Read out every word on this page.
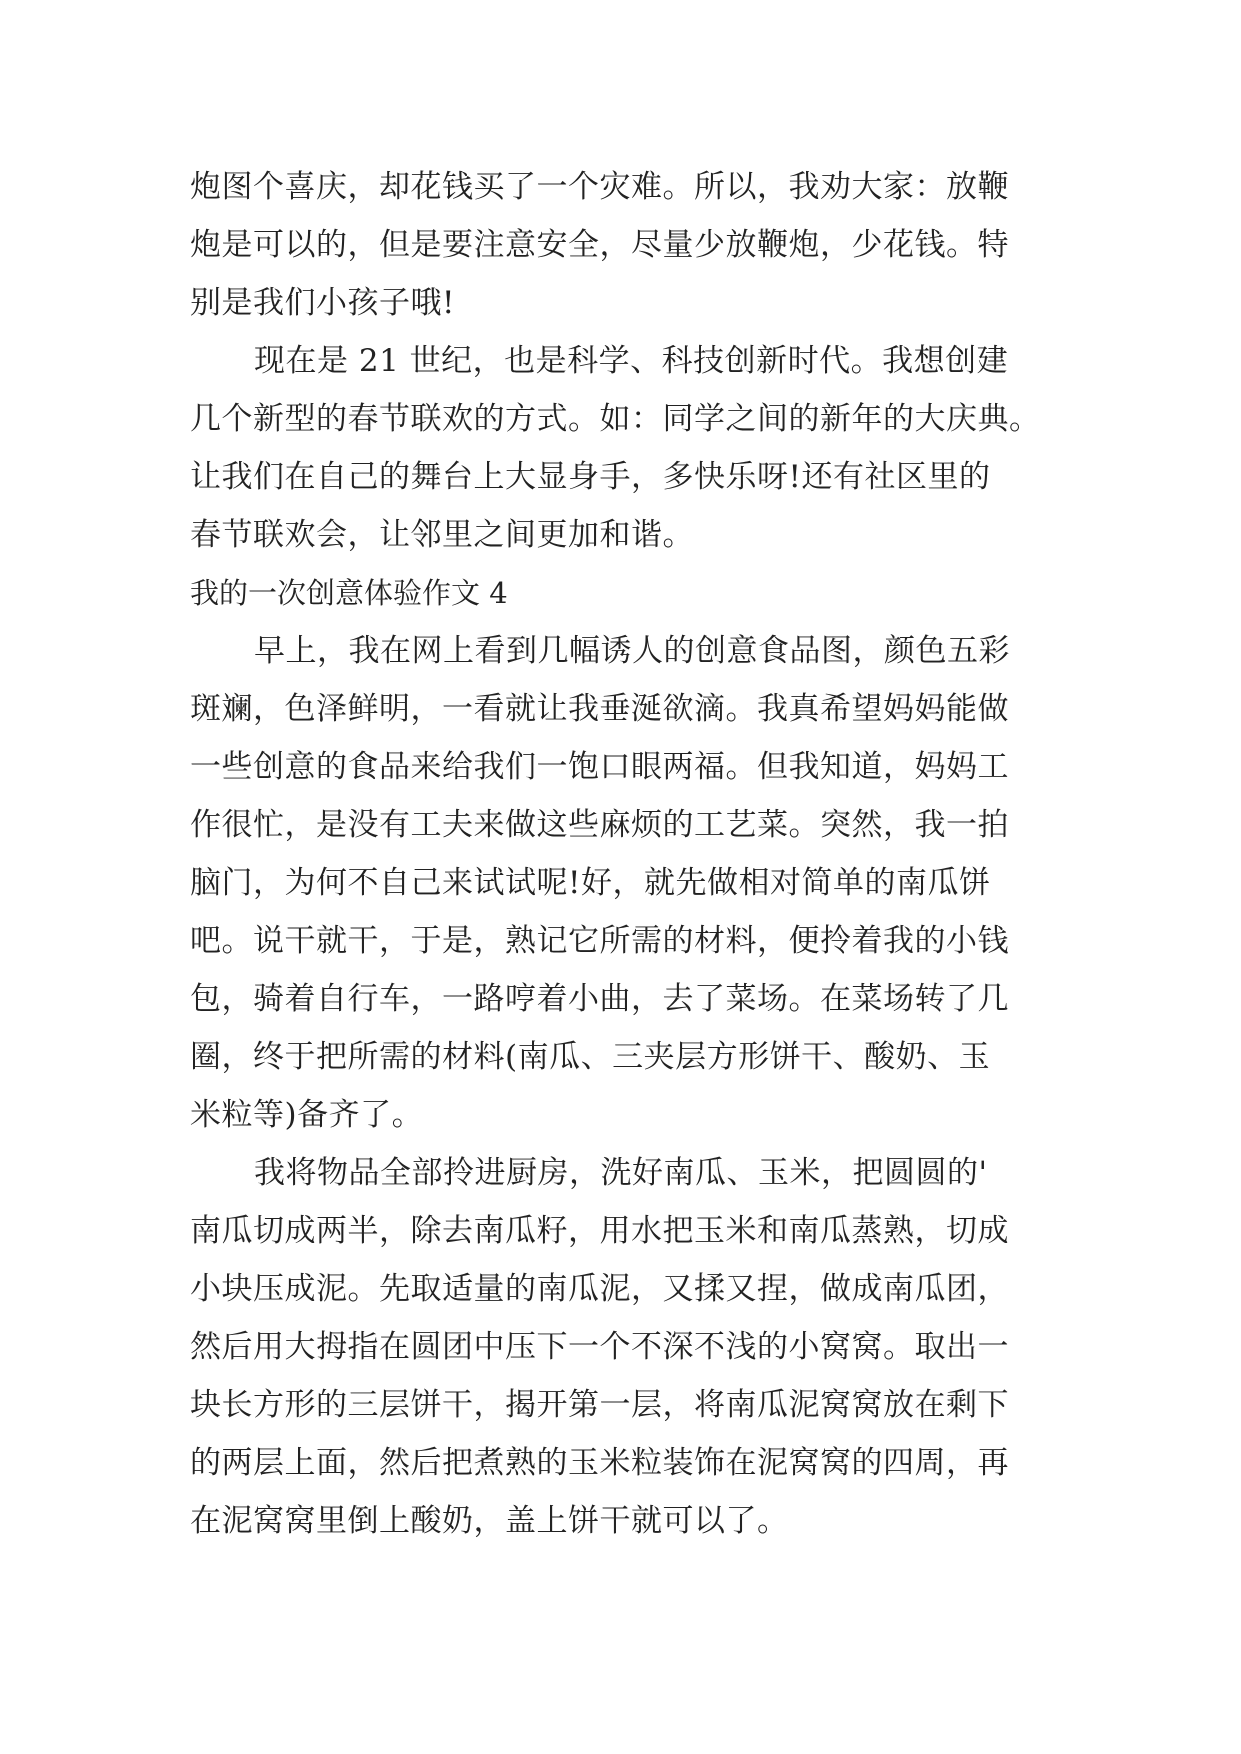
炮图个喜庆，却花钱买了一个灾难。所以，我劝大家：放鞭
炮是可以的，但是要注意安全，尽量少放鞭炮，少花钱。特
别是我们小孩子哦!
现在是 21 世纪，也是科学、科技创新时代。我想创建
几个新型的春节联欢的方式。如：同学之间的新年的大庆典。
让我们在自己的舞台上大显身手，多快乐呀!还有社区里的
春节联欢会，让邻里之间更加和谐。
我的一次创意体验作文 4
早上，我在网上看到几幅诱人的创意食品图，颜色五彩
斑斓，色泽鲜明，一看就让我垂涎欲滴。我真希望妈妈能做
一些创意的食品来给我们一饱口眼两福。但我知道，妈妈工
作很忙，是没有工夫来做这些麻烦的工艺菜。突然，我一拍
脑门，为何不自己来试试呢!好，就先做相对简单的南瓜饼
吧。说干就干，于是，熟记它所需的材料，便拎着我的小钱
包，骑着自行车，一路哼着小曲，去了菜场。在菜场转了几
圈，终于把所需的材料(南瓜、三夹层方形饼干、酸奶、玉
米粒等)备齐了。
我将物品全部拎进厨房，洗好南瓜、玉米，把圆圆的'
南瓜切成两半，除去南瓜籽，用水把玉米和南瓜蒸熟，切成
小块压成泥。先取适量的南瓜泥，又揉又捏，做成南瓜团，
然后用大拇指在圆团中压下一个不深不浅的小窝窝。取出一
块长方形的三层饼干，揭开第一层，将南瓜泥窝窝放在剩下
的两层上面，然后把煮熟的玉米粒装饰在泥窝窝的四周，再
在泥窝窝里倒上酸奶，盖上饼干就可以了。
